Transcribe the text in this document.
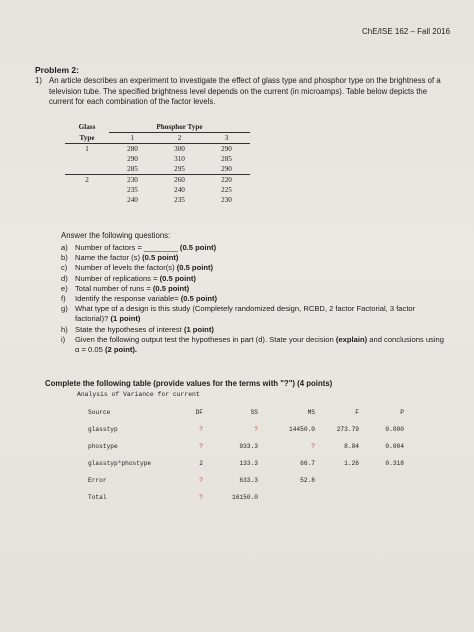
ChE/ISE 162 – Fall 2016
Problem 2:
1) An article describes an experiment to investigate the effect of glass type and phosphor type on the brightness of a television tube. The specified brightness level depends on the current (in microamps). Table below depicts the current for each combination of the factor levels.
Glass	Phosphor Type		
Type	1	2	3
1	280	300	290
	290	310	285
	285	295	290
2	230	260	220
	235	240	225
	240	235	230
Answer the following questions:
a) Number of factors = ________ (0.5 point)
b) Name the factor (s) (0.5 point)
c) Number of levels the factor(s) (0.5 point)
d) Number of replications = (0.5 point)
e) Total number of runs = (0.5 point)
f) Identify the response variable= (0.5 point)
g) What type of a design is this study (Completely randomized design, RCBD, 2 factor Factorial, 3 factor factorial)? (1 point)
h) State the hypotheses of interest (1 point)
i) Given the following output test the hypotheses in part (d). State your decision (explain) and conclusions using α = 0.05 (2 point).
Complete the following table (provide values for the terms with "?") (4 points)
Analysis of Variance for current
Source	DF	SS	MS	F	P
glasstyp	?	?	14450.0	273.79	0.000
phostype	?	933.3	?	8.84	0.004
glasstyp*phostype	2	133.3	66.7	1.26	0.318
Error	?	633.3	52.8		
Total	?	16150.0			
